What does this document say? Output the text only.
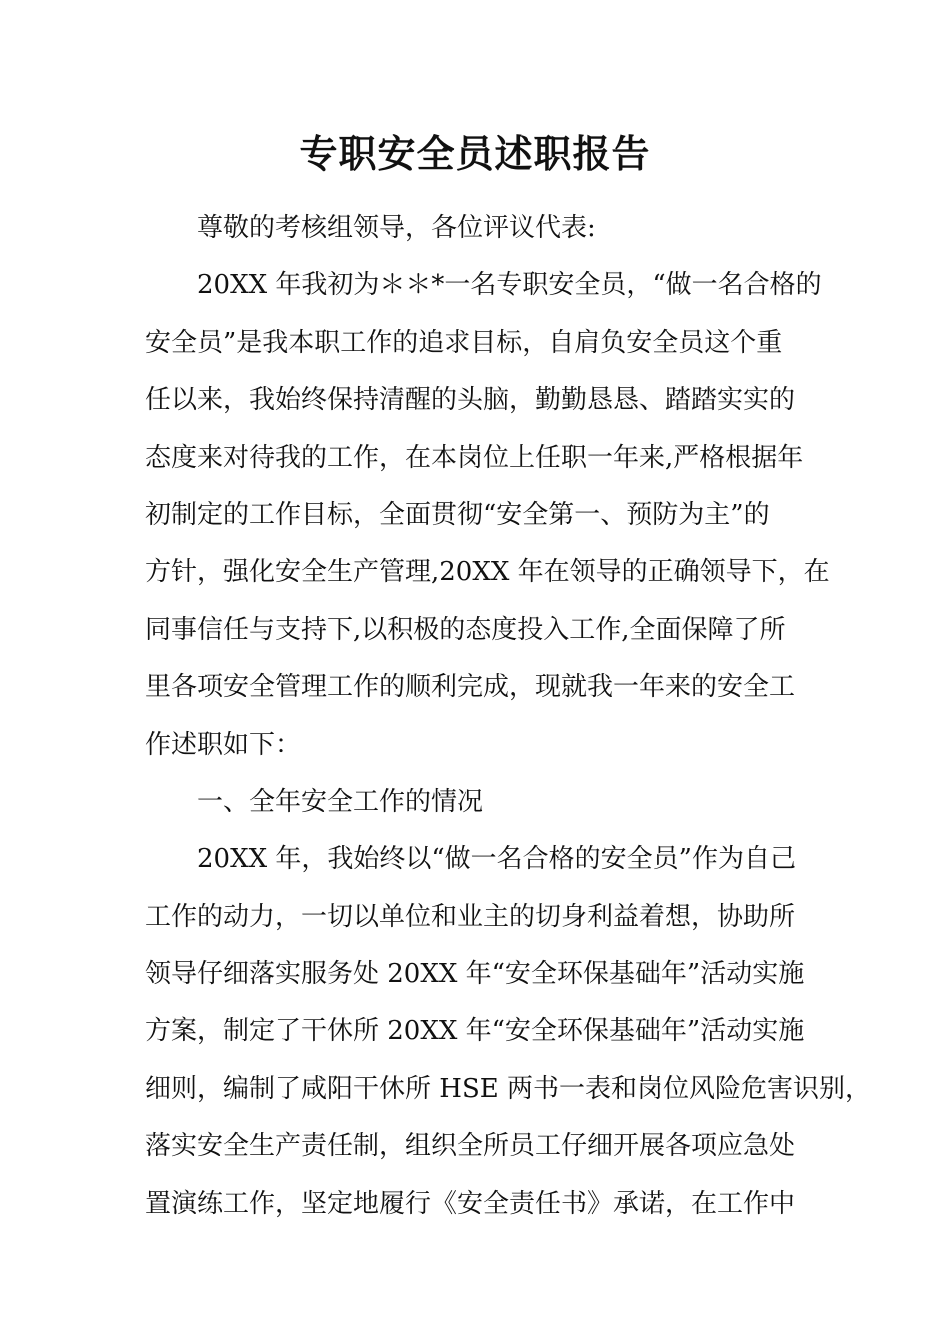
专职安全员述职报告
尊敬的考核组领导，各位评议代表:
20XX 年我初为＊＊*一名专职安全员，“做一名合格的
安全员”是我本职工作的追求目标，自肩负安全员这个重
任以来，我始终保持清醒的头脑，勤勤恳恳、踏踏实实的
态度来对待我的工作，在本岗位上任职一年来,严格根据年
初制定的工作目标，全面贯彻“安全第一、预防为主”的
方针，强化安全生产管理,20XX 年在领导的正确领导下，在
同事信任与支持下,以积极的态度投入工作,全面保障了所
里各项安全管理工作的顺利完成，现就我一年来的安全工
作述职如下：
一、全年安全工作的情况
20XX 年，我始终以“做一名合格的安全员”作为自己
工作的动力，一切以单位和业主的切身利益着想，协助所
领导仔细落实服务处 20XX 年“安全环保基础年”活动实施
方案，制定了干休所 20XX 年“安全环保基础年”活动实施
细则，编制了咸阳干休所 HSE 两书一表和岗位风险危害识别，
落实安全生产责任制，组织全所员工仔细开展各项应急处
置演练工作，坚定地履行《安全责任书》承诺，在工作中
